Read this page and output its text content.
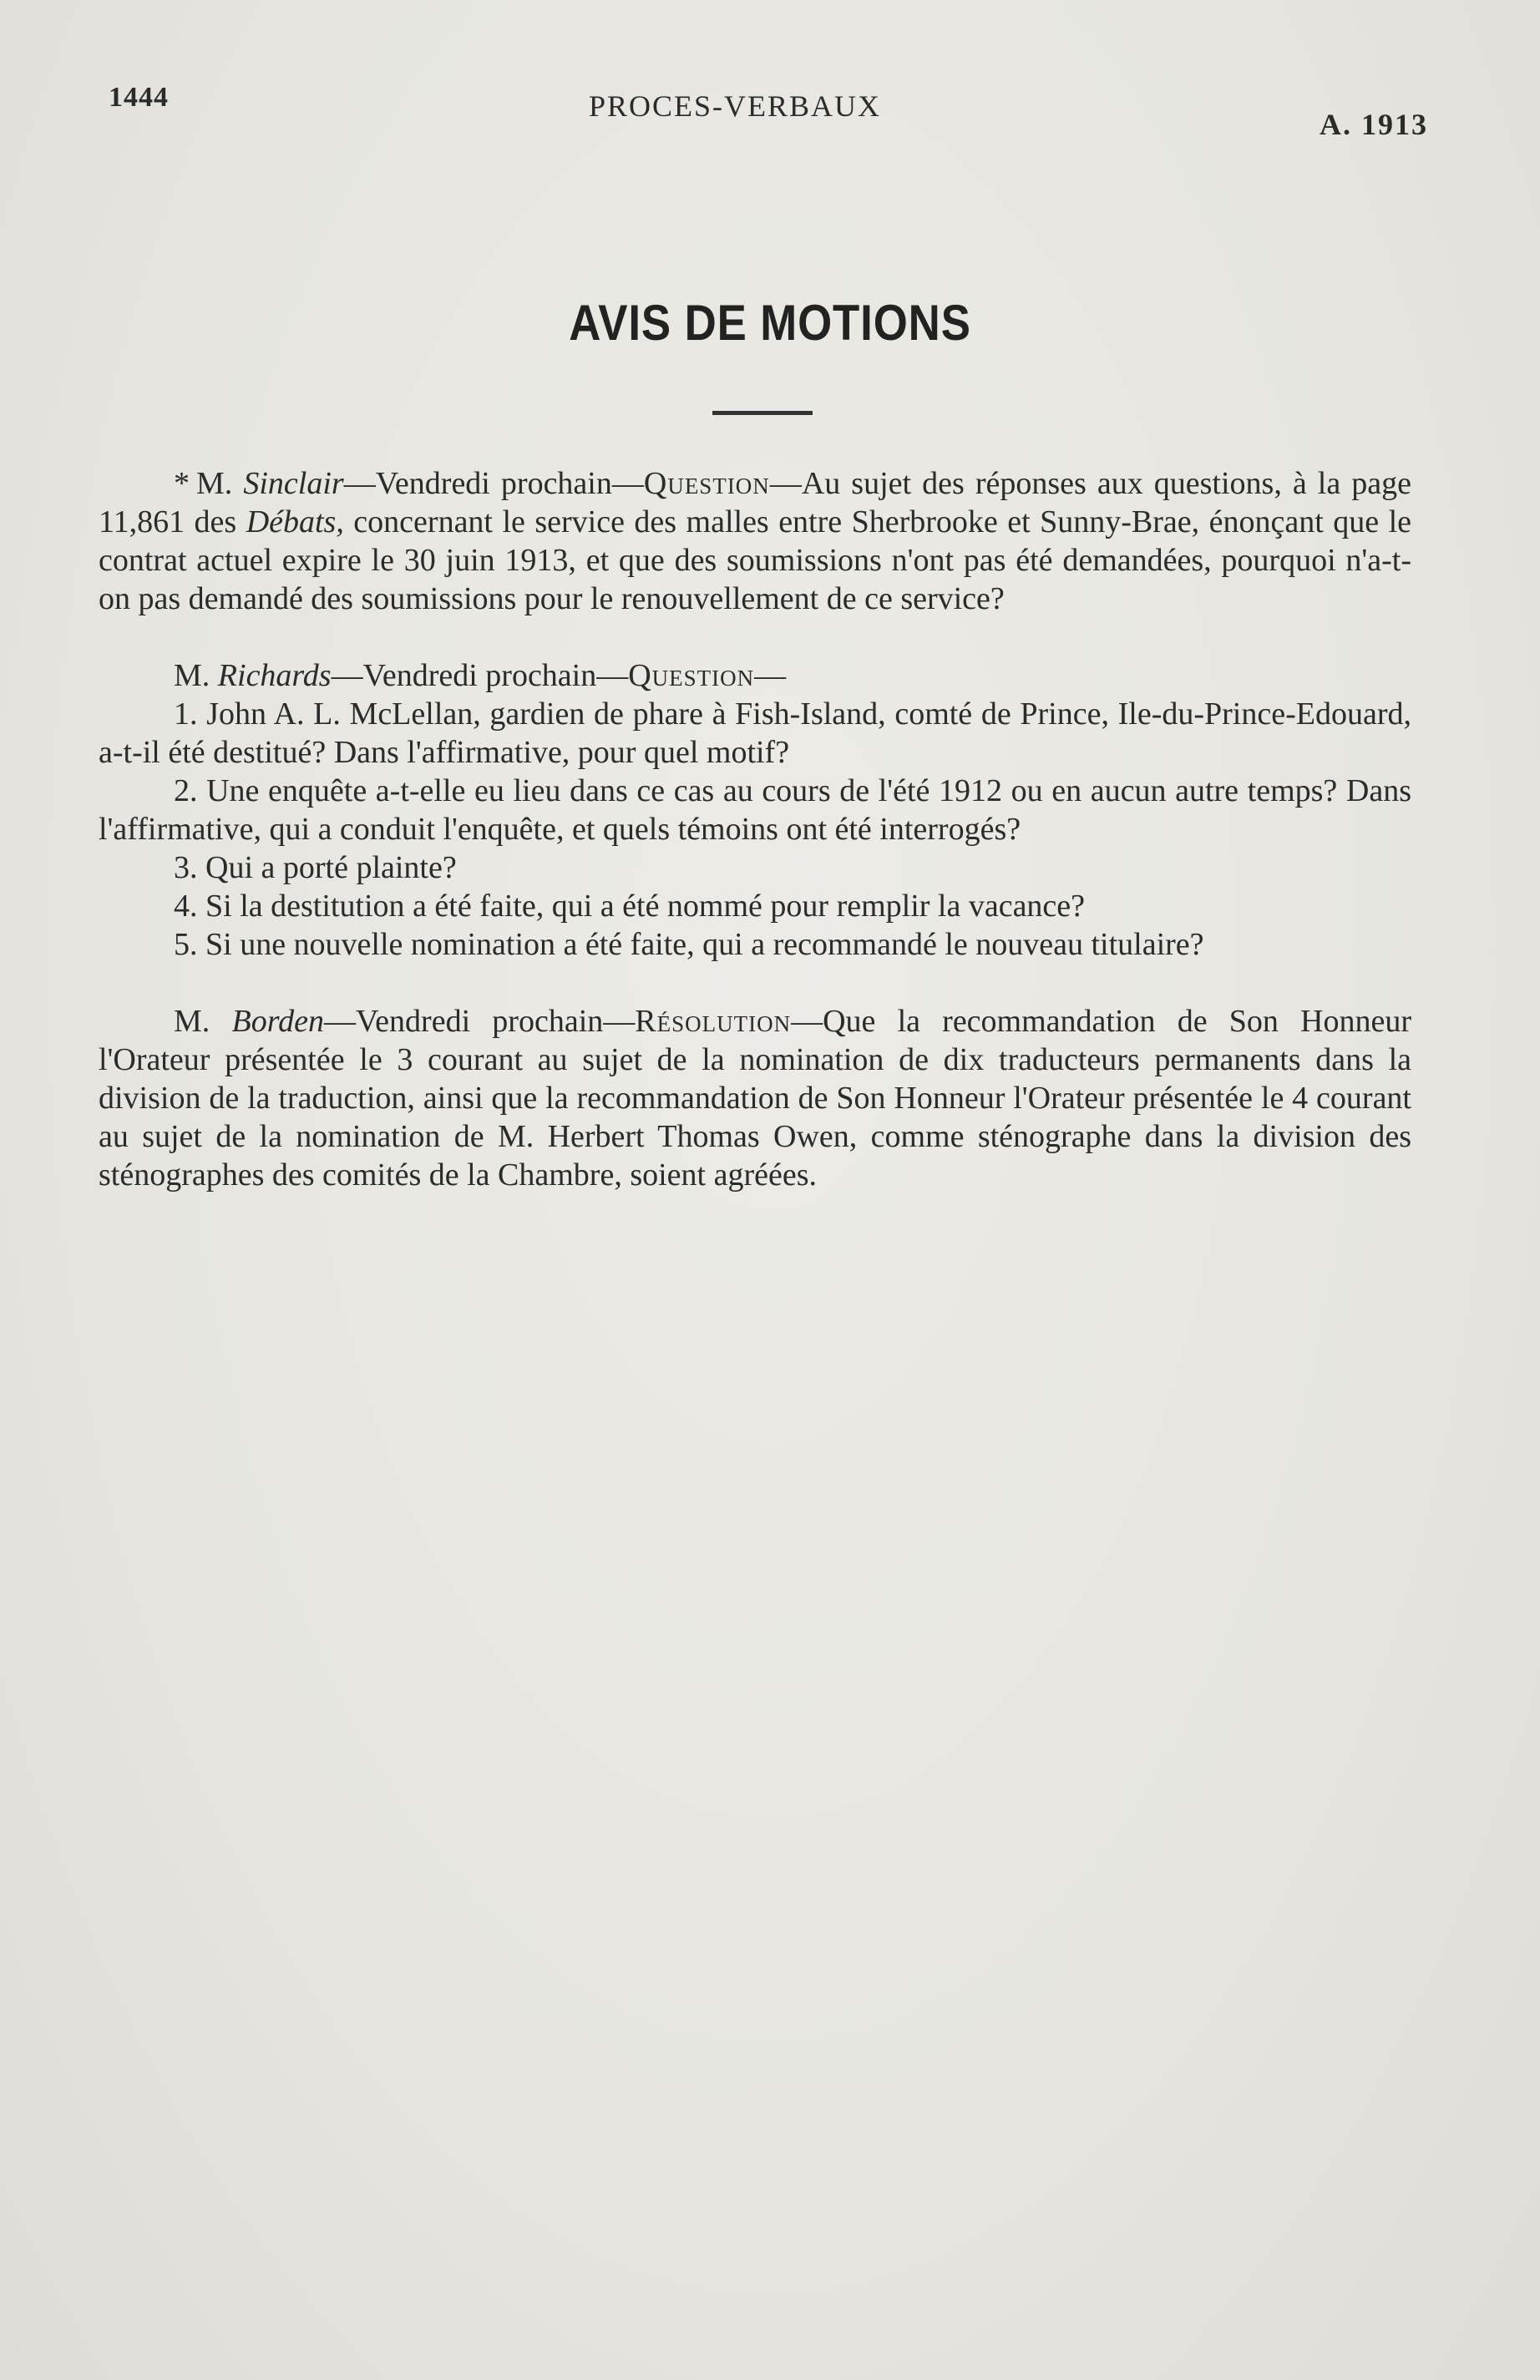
1444	PROCES-VERBAUX
A. 1913
AVIS DE MOTIONS

* M. Sinclair—Vendredi prochain—Question—Au sujet des réponses aux questions, à la page 11,861 des Débats, concernant le service des malles entre Sherbrooke et Sunny-Brae, énonçant que le contrat actuel expire le 30 juin 1913, et que des soumissions n'ont pas été demandées, pourquoi n'a-t-on pas demandé des soumissions pour le renouvellement de ce service?

M. Richards—Vendredi prochain—Question—

1. John A. L. McLellan, gardien de phare à Fish-Island, comté de Prince, Ile-du-Prince-Edouard, a-t-il été destitué? Dans l'affirmative, pour quel motif?

2. Une enquête a-t-elle eu lieu dans ce cas au cours de l'été 1912 ou en aucun autre temps? Dans l'affirmative, qui a conduit l'enquête, et quels témoins ont été interrogés?

3. Qui a porté plainte?

4. Si la destitution a été faite, qui a été nommé pour remplir la vacance?

5. Si une nouvelle nomination a été faite, qui a recommandé le nouveau titulaire?

M. Borden—Vendredi prochain—Résolution—Que la recommandation de Son Honneur l'Orateur présentée le 3 courant au sujet de la nomination de dix traducteurs permanents dans la division de la traduction, ainsi que la recommandation de Son Honneur l'Orateur présentée le 4 courant au sujet de la nomination de M. Herbert Thomas Owen, comme sténographe dans la division des sténographes des comités de la Chambre, soient agréées.
